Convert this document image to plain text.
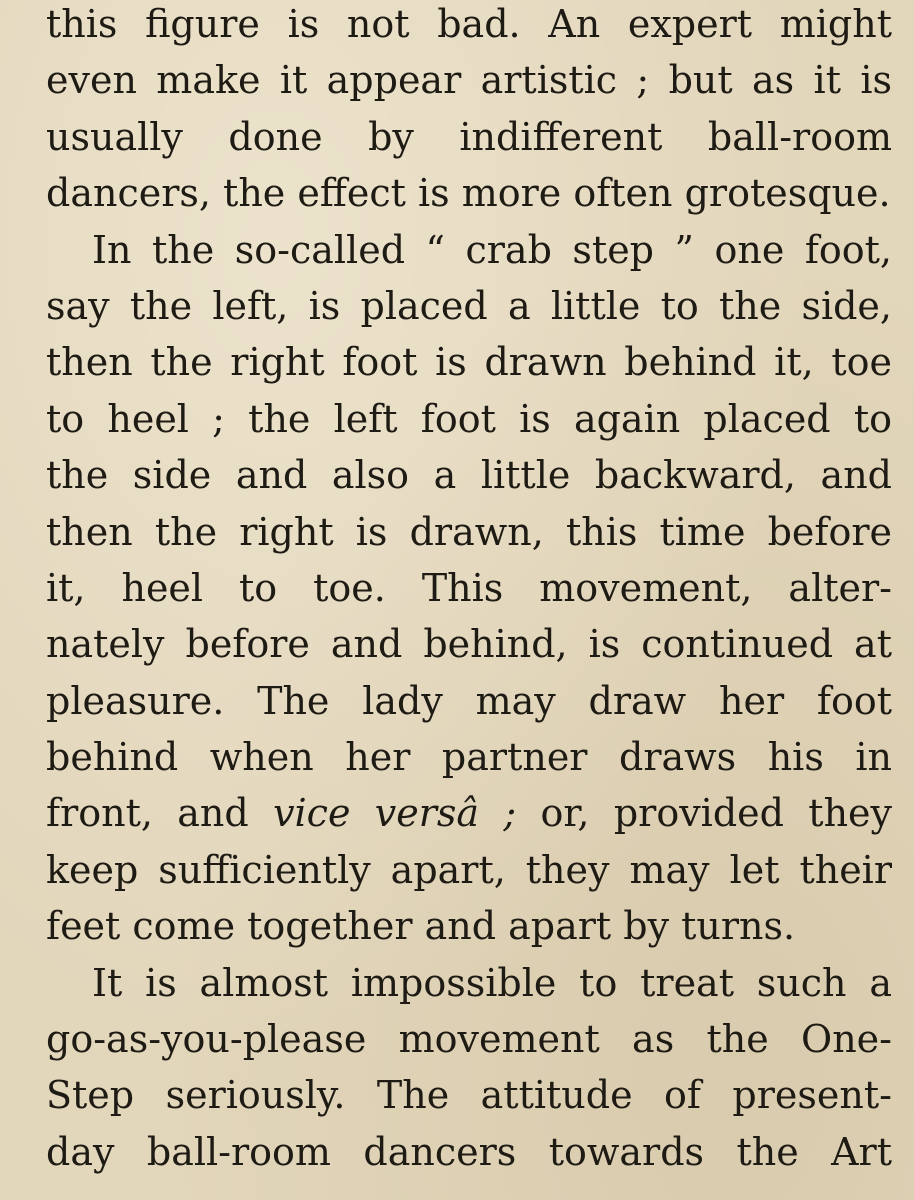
this figure is not bad. An expert might
even make it appear artistic ; but as it is
usually done by indifferent ball-room
dancers, the effect is more often grotesque.
In the so-called “ crab step ” one foot,
say the left, is placed a little to the side,
then the right foot is drawn behind it, toe
to heel ; the left foot is again placed to
the side and also a little backward, and
then the right is drawn, this time before
it, heel to toe. This movement, alter-
nately before and behind, is continued at
pleasure. The lady may draw her foot
behind when her partner draws his in
front, and vice versâ ; or, provided they
keep sufficiently apart, they may let their
feet come together and apart by turns.
It is almost impossible to treat such a
go-as-you-please movement as the One-
Step seriously. The attitude of present-
day ball-room dancers towards the Art
